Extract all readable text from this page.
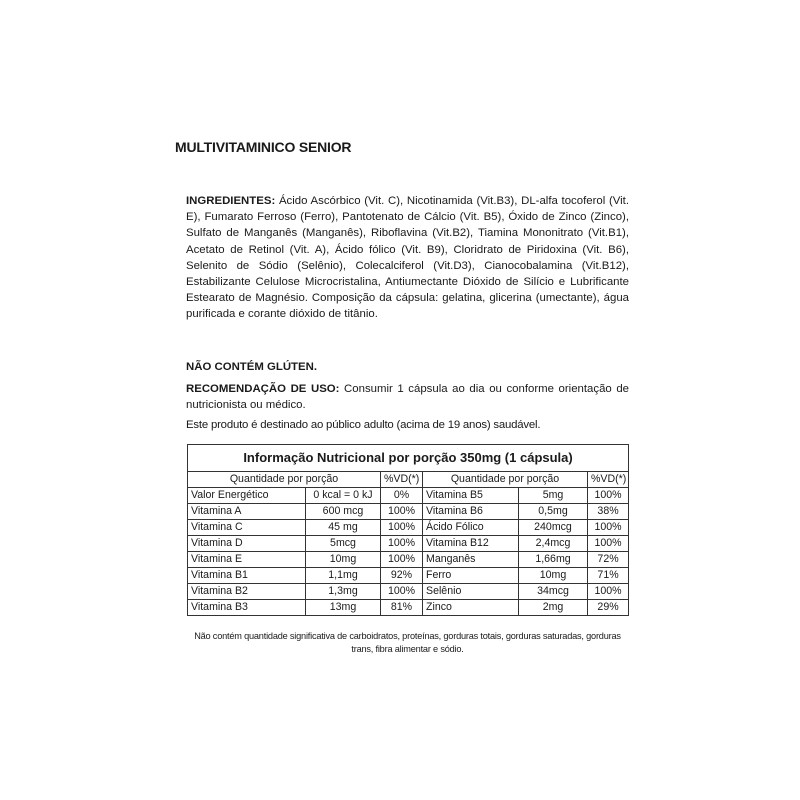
MULTIVITAMINICO SENIOR

INGREDIENTES: Ácido Ascórbico (Vit. C), Nicotinamida (Vit.B3), DL-alfa tocoferol (Vit. E), Fumarato Ferroso (Ferro), Pantotenato de Cálcio (Vit. B5), Óxido de Zinco (Zinco), Sulfato de Manganês (Manganês), Riboflavina (Vit.B2), Tiamina Mononitrato (Vit.B1), Acetato de Retinol (Vit. A), Ácido fólico (Vit. B9), Cloridrato de Piridoxina (Vit. B6), Selenito de Sódio (Selênio), Colecalciferol (Vit.D3), Cianocobalamina (Vit.B12), Estabilizante Celulose Microcristalina, Antiumectante Dióxido de Silício e Lubrificante Estearato de Magnésio. Composição da cápsula: gelatina, glicerina (umectante), água purificada e corante dióxido de titânio.

NÃO CONTÉM GLÚTEN.

RECOMENDAÇÃO DE USO: Consumir 1 cápsula ao dia ou conforme orientação de nutricionista ou médico.

Este produto é destinado ao público adulto (acima de 19 anos) saudável.

Informação Nutricional por porção 350mg (1 cápsula)					
Quantidade por porção		%VD(*)	Quantidade por porção		%VD(*)
Valor Energético	0 kcal = 0 kJ	0%	Vitamina B5	5mg	100%
Vitamina A	600 mcg	100%	Vitamina B6	0,5mg	38%
Vitamina C	45 mg	100%	Ácido Fólico	240mcg	100%
Vitamina D	5mcg	100%	Vitamina B12	2,4mcg	100%
Vitamina E	10mg	100%	Manganês	1,66mg	72%
Vitamina B1	1,1mg	92%	Ferro	10mg	71%
Vitamina B2	1,3mg	100%	Selênio	34mcg	100%
Vitamina B3	13mg	81%	Zinco	2mg	29%

Não contém quantidade significativa de carboidratos, proteínas, gorduras totais, gorduras saturadas, gorduras trans, fibra alimentar e sódio.
